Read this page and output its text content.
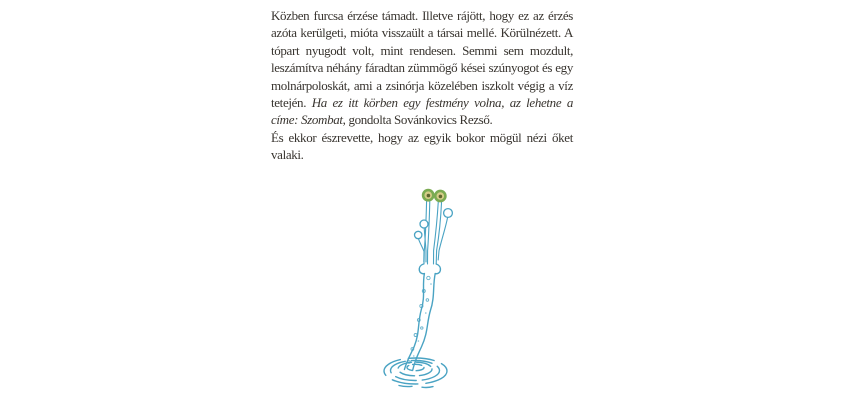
Közben furcsa érzése támadt. Illetve rájött, hogy ez az érzés azóta kerülgeti, mióta visszaült a társai mellé. Körülnézett. A tópart nyugodt volt, mint rendesen. Semmi sem mozdult, leszámítva néhány fáradtan zümmögő kései szúnyogot és egy molnárpoloskát, ami a zsinórja közelében iszkolt végig a víz tetején. Ha ez itt körben egy festmény volna, az lehetne a címe: Szombat, gondolta Sovánkovics Rezső.

És ekkor észrevette, hogy az egyik bokor mögül nézi őket valaki.
